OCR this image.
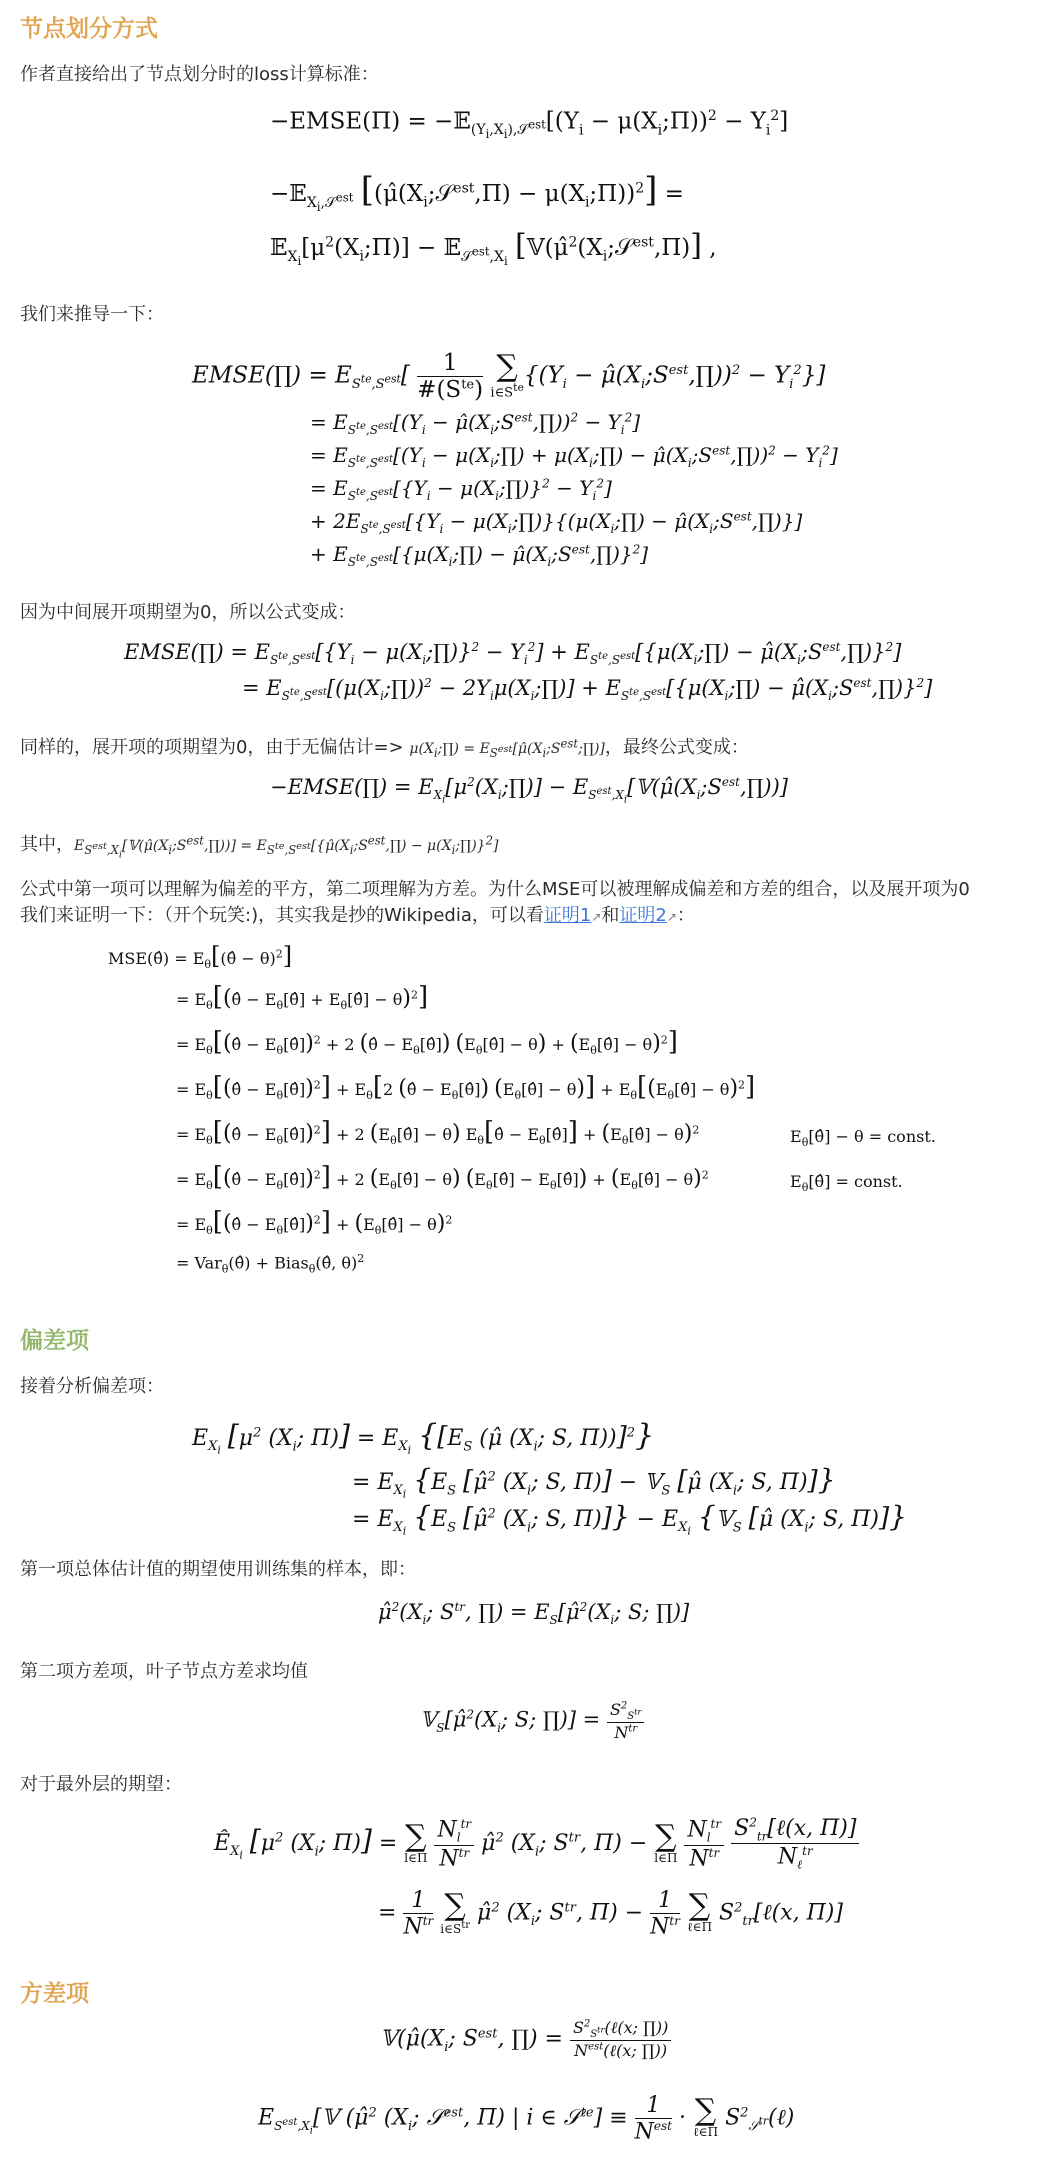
节点划分方式
作者直接给出了节点划分时的loss计算标准：
−EMSE(Π) = $-𝔼_{(Y_i,X_i),𝒮^{est}}[(Y_i$ − $\mu(X_i;\Pi))^2 - Y_i^2$]
−𝔼$_{X_i,𝒮^{est}}$ [($\mû(X_i;𝒮^{est},\Pi)$ − $\mu(X_i;\Pi))^2$] =
$𝔼_{X_i}[\mu^2(X_i;\Pi)]$ − 𝔼$_{𝒮^{est},X_i}$ [$𝕍(\mû^2(X_i;𝒮^{est},\Pi)]$ ,
我们来推导一下：
EMSE(∏) = $E_{S^{te},S^{est}}$[	1
$\#(S^{te})$

∑
$i\in S^{te}$ {($Y_i$ − $\mû(X_i;S^{est},\prod))^2 - Y_i^2$}]
= $E_{S^{te},S^{est}}[(Y_i$ − $\mû(X_i;S^{est},\prod))^2 - Y_i^2$]
= $E_{S^{te},S^{est}}[(Y_i$ − $\mu(X_i;\prod)$ + $\mu(X_i;\prod)$ − $\mû(X_i;S^{est},\prod))^2 - Y_i^2$]
= $E_{S^{te},S^{est}}[\{Y_i$ − $\mu(X_i;\prod)\}^2 - Y_i^2$]
+ $2E_{S^{te},S^{est}}[\{Y_i$ − $\mu(X_i;\prod)\}\{(\mu(X_i;\prod)$ − $\mû(X_i;S^{est},\prod)$}]
+ $E_{S^{te},S^{est}}[\{\mu(X_i;\prod)$ − $\mû(X_i;S^{est},\prod)\}^2$]
因为中间展开项期望为0，所以公式变成：
EMSE(∏) = $E_{S^{te},S^{est}}[\{Y_i$ − $\mu(X_i;\prod)\}^2 - Y_i^2$] + $E_{S^{te},S^{est}}[\{\mu(X_i;\prod)$ − $\mû(X_i;S^{est},\prod)\}^2$]
= $E_{S^{te},S^{est}}[(\mu(X_i;\prod))^2$ − $2Y_i\mu(X_i;\prod)$] + $E_{S^{te},S^{est}}[\{\mu(X_i;\prod)$ − $\mû(X_i;S^{est},\prod)\}^2$]
同样的，展开项的项期望为0，由于无偏估计=> $\mu(X_i;\prod)$ = $E_{S^{est}}[\mû(X_i;S^{est};\prod)]$，最终公式变成：
−EMSE(∏) = $E_{X_i}[\mu^2(X_i;\prod)]$ − $E_{S^{est},X_i}[𝕍(\mû(X_i;S^{est},\prod))]$
其中，$E_{S^{est},X_i}[𝕍(\mû(X_i;S^{est},\prod))]$ = $E_{S^{te},S^{est}}[\{\mû(X_i;S^{est},\prod)$ − $\mu(X_i;\prod)\}^2$]
公式中第一项可以理解为偏差的平方，第二项理解为方差。为什么MSE可以被理解成偏差和方差的组合，以及展开项为0
我们来证明一下：（开个玩笑:)，其实我是抄的Wikipedia，可以看证明1↗和证明2↗：
MSE(θ̂) = $E_\theta[(\thetâ - \theta)^2]$
= $E_\theta[(\thetâ$ − $E_\theta[\thetâ]$ + $E_\theta[\thetâ] - \theta)^2$]
= $E_\theta[(\thetâ$ − $E_\theta[\thetâ])^2 + 2$ (θ̂ − $E_\theta[\thetâ]$) $(E_\theta[\thetâ] - \theta)$ + $(E_\theta[\thetâ] - \theta)^2$]
= $E_\theta[(\thetâ$ − $E_\theta[\thetâ])^2] + E_\theta[2$ (θ̂ − $E_\theta[\thetâ]$) $(E_\theta[\thetâ] - \theta)$] + $E_\theta[(E_\theta[\thetâ] - \theta)^2]$
= $E_\theta[(\thetâ$ − $E_\theta[\thetâ])^2] + 2$ $(E_\theta[\thetâ] - \theta)$ $E_\theta[\thetâ$ − $E_\theta[\thetâ]$] + $(E_\theta[\thetâ] - \theta)^2$	$E_\theta[\thetâ] - \theta$ = const.
= $E_\theta[(\thetâ$ − $E_\theta[\thetâ])^2] + 2$ $(E_\theta[\thetâ] - \theta)$ ($E_\theta[\thetâ]$ − $E_\theta[\thetâ]$) + $(E_\theta[\thetâ] - \theta)^2$	$E_\theta[\thetâ]$ = const.
= $E_\theta[(\thetâ$ − $E_\theta[\thetâ])^2$] + $(E_\theta[\thetâ] - \theta)^2$
= Var$_\theta$(θ̂) + Bias$_\theta$(θ̂, θ)$^2$
偏差项
接着分析偏差项：
$E_{X_i}$ [$\mu^2$ ($X_i$; $\Pi)] = E_{X_i}$ {[$E_S$ (μ̂ ($X_i$; S, Π))]$^2$}
= $E_{X_i}$ {$E_S$ [μ̂$^2$ ($X_i$; S, Π)] − 𝕍$_S$ [μ̂ ($X_i$; S, Π)]}
= $E_{X_i}$ {$E_S$ [μ̂$^2$ ($X_i$; S, $\Pi)]\} - E_{X_i}$ {𝕍$_S$ [μ̂ ($X_i$; S, Π)]}
第一项总体估计值的期望使用训练集的样本，即：
$\mû^2(X_i$; $S^{tr}$, ∏) = $E_S[\mû^2(X_i$; S; ∏)]
第二项方差项，叶子节点方差求均值
$𝕍_S[\mû^2(X_i$; S; ∏)] = $S^2_{S^{tr}}$
$N^{tr}$
对于最外层的期望：
$Ê_{X_i}$ [$\mu^2$ ($X_i$; Π)] = ∑
l∈Π

$N_l^{tr}$
$N^{tr}$ μ̂$^2$ ($X_i$; $S^{tr}$, Π) − ∑
l∈Π

$N_l^{tr}$
$N^{tr}$

$S^2_{tr}[\ell(x$, Π)]
$N_\ell^{tr}$
=
1
$N^{tr}$
∑
$i\in S^{tr}$ μ̂$^2$ ($X_i$; $S^{tr}$, Π) −
1
$N^{tr}$
∑
ℓ∈Π
$S^2_{tr}[\ell(x$, Π)]
方差项
$𝕍(\mû(X_i$; $S^{est}$, ∏) = $S^2_{S^{tr}}(\ell(x$; ∏))
$N^{est}(\ell(x$; ∏))
$E_{S^{est},X_i}[𝕍$ (μ̂$^2$ ($X_i$; 𝒮$^{est}$, Π) | i ∈ 𝒮$^{te}$] ≡
1
$N^{est}$ · ∑
ℓ∈Π
$S^2_{𝒮^{tr}}(\ell)$
